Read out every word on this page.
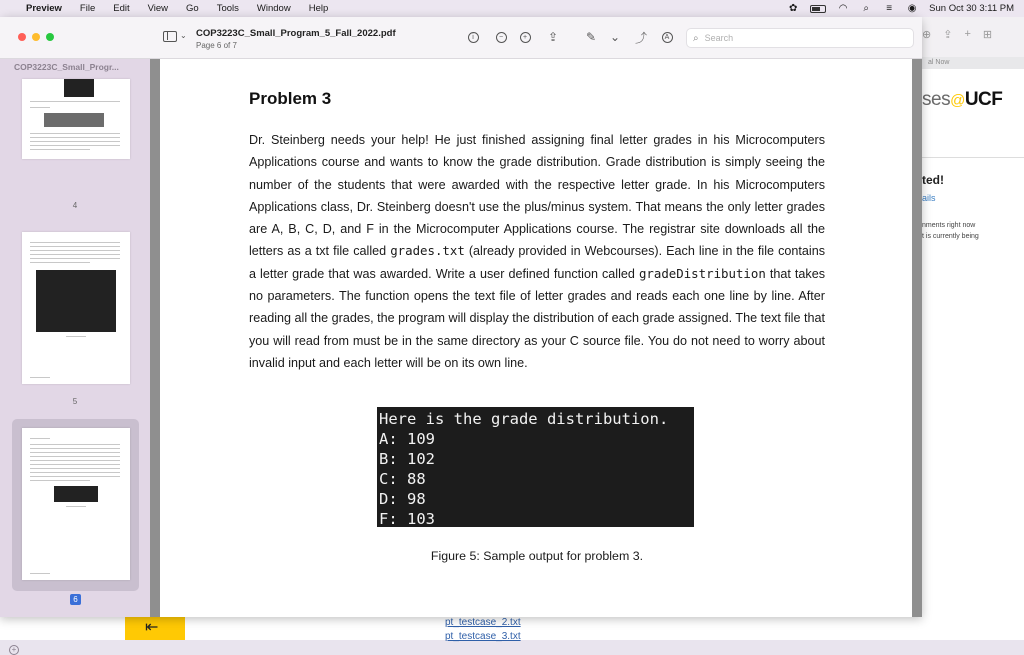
Preview	File	Edit	View	Go	Tools	Window	Help	✿	◠	⌕	≡	◉ Sun Oct 30 3:11 PM
⊕ ⇪ + ⊞
al Now
ses@UCF
ted!
ails
nments right now
t is currently being
⇤	pt_testcase_2.txt
pt_testcase_3.txt
⌄ COP3223C_Small_Program_5_Fall_2022.pdf
Page 6 of 7
i	−	+ ⇪ ✎ ⌄ ⤴	A	⌕ Search
COP3223C_Small_Progr...
4
5
6
+
Problem 3
Dr. Steinberg needs your help! He just finished assigning final letter grades in his Microcomputers Applications course and wants to know the grade distribution. Grade distribution is simply seeing the number of the students that were awarded with the respective letter grade. In his Microcomputers Applications class, Dr. Steinberg doesn't use the plus/minus system. That means the only letter grades are A, B, C, D, and F in the Microcomputer Applications course. The registrar site downloads all the letters as a txt file called grades.txt (already provided in Webcourses). Each line in the file contains a letter grade that was awarded. Write a user defined function called gradeDistribution that takes no parameters. The function opens the text file of letter grades and reads each one line by line. After reading all the grades, the program will display the distribution of each grade assigned. The text file that you will read from must be in the same directory as your C source file. You do not need to worry about invalid input and each letter will be on its own line.
Here is the grade distribution.
A: 109
B: 102
C: 88
D: 98
F: 103
Figure 5: Sample output for problem 3.
